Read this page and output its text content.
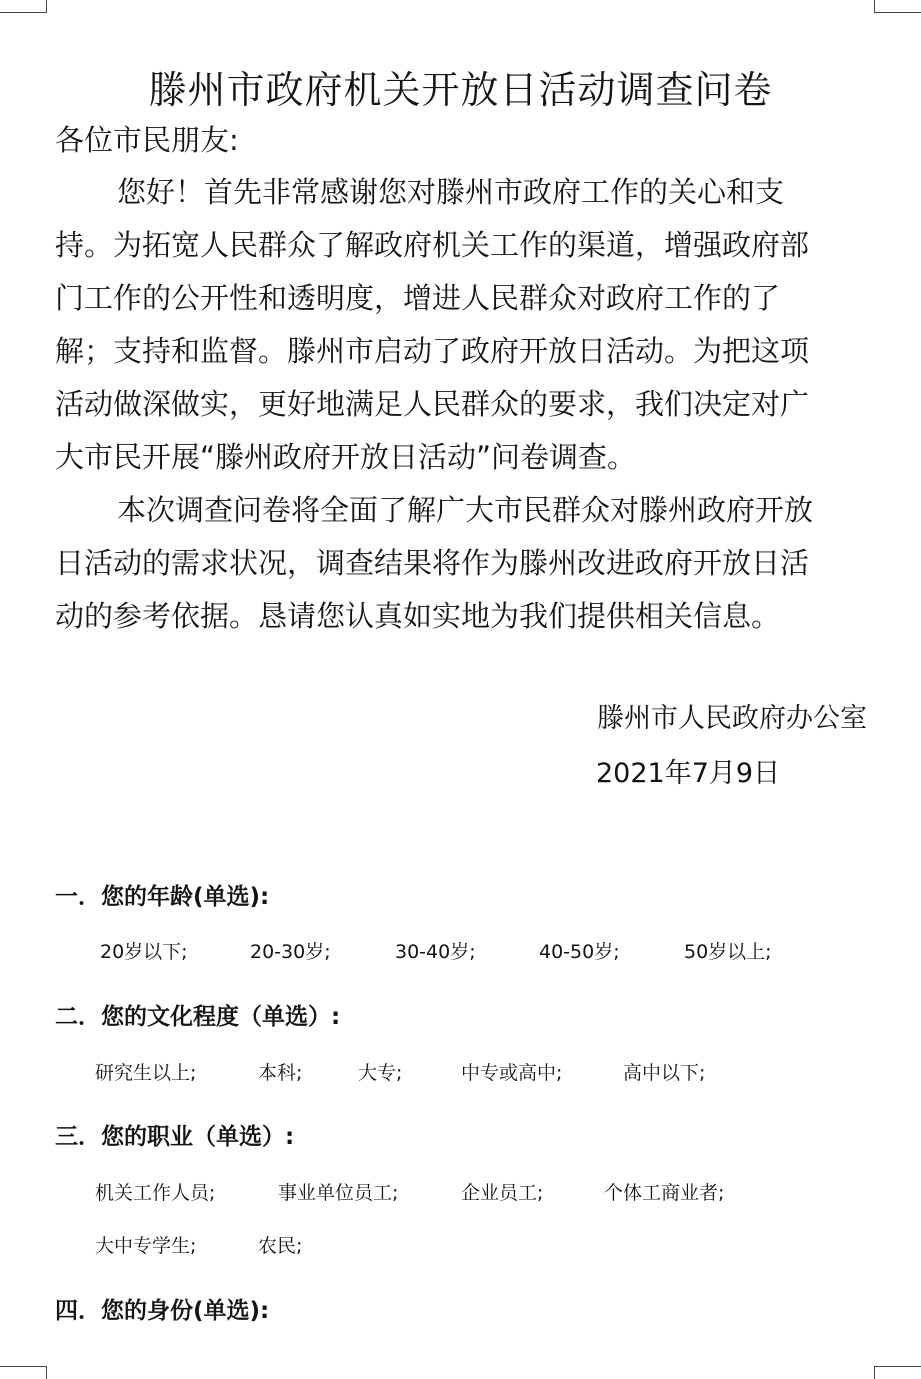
滕州市政府机关开放日活动调查问卷
各位市民朋友:
您好！首先非常感谢您对滕州市政府工作的关心和支
持。为拓宽人民群众了解政府机关工作的渠道，增强政府部
门工作的公开性和透明度，增进人民群众对政府工作的了
解；支持和监督。滕州市启动了政府开放日活动。为把这项
活动做深做实，更好地满足人民群众的要求，我们决定对广
大市民开展“滕州政府开放日活动”问卷调查。
本次调查问卷将全面了解广大市民群众对滕州政府开放
日活动的需求状况，调查结果将作为滕州改进政府开放日活
动的参考依据。恳请您认真如实地为我们提供相关信息。
滕州市人民政府办公室
2021年7月9日
一．您的年龄(单选):
20岁以下;	20-30岁;	30-40岁;	40-50岁;	50岁以上;
二．您的文化程度（单选）:
研究生以上;	本科;	大专;	中专或高中;	高中以下;
三．您的职业（单选）:
机关工作人员;	事业单位员工;	企业员工;	个体工商业者;
大中专学生;	农民;
四．您的身份(单选):
